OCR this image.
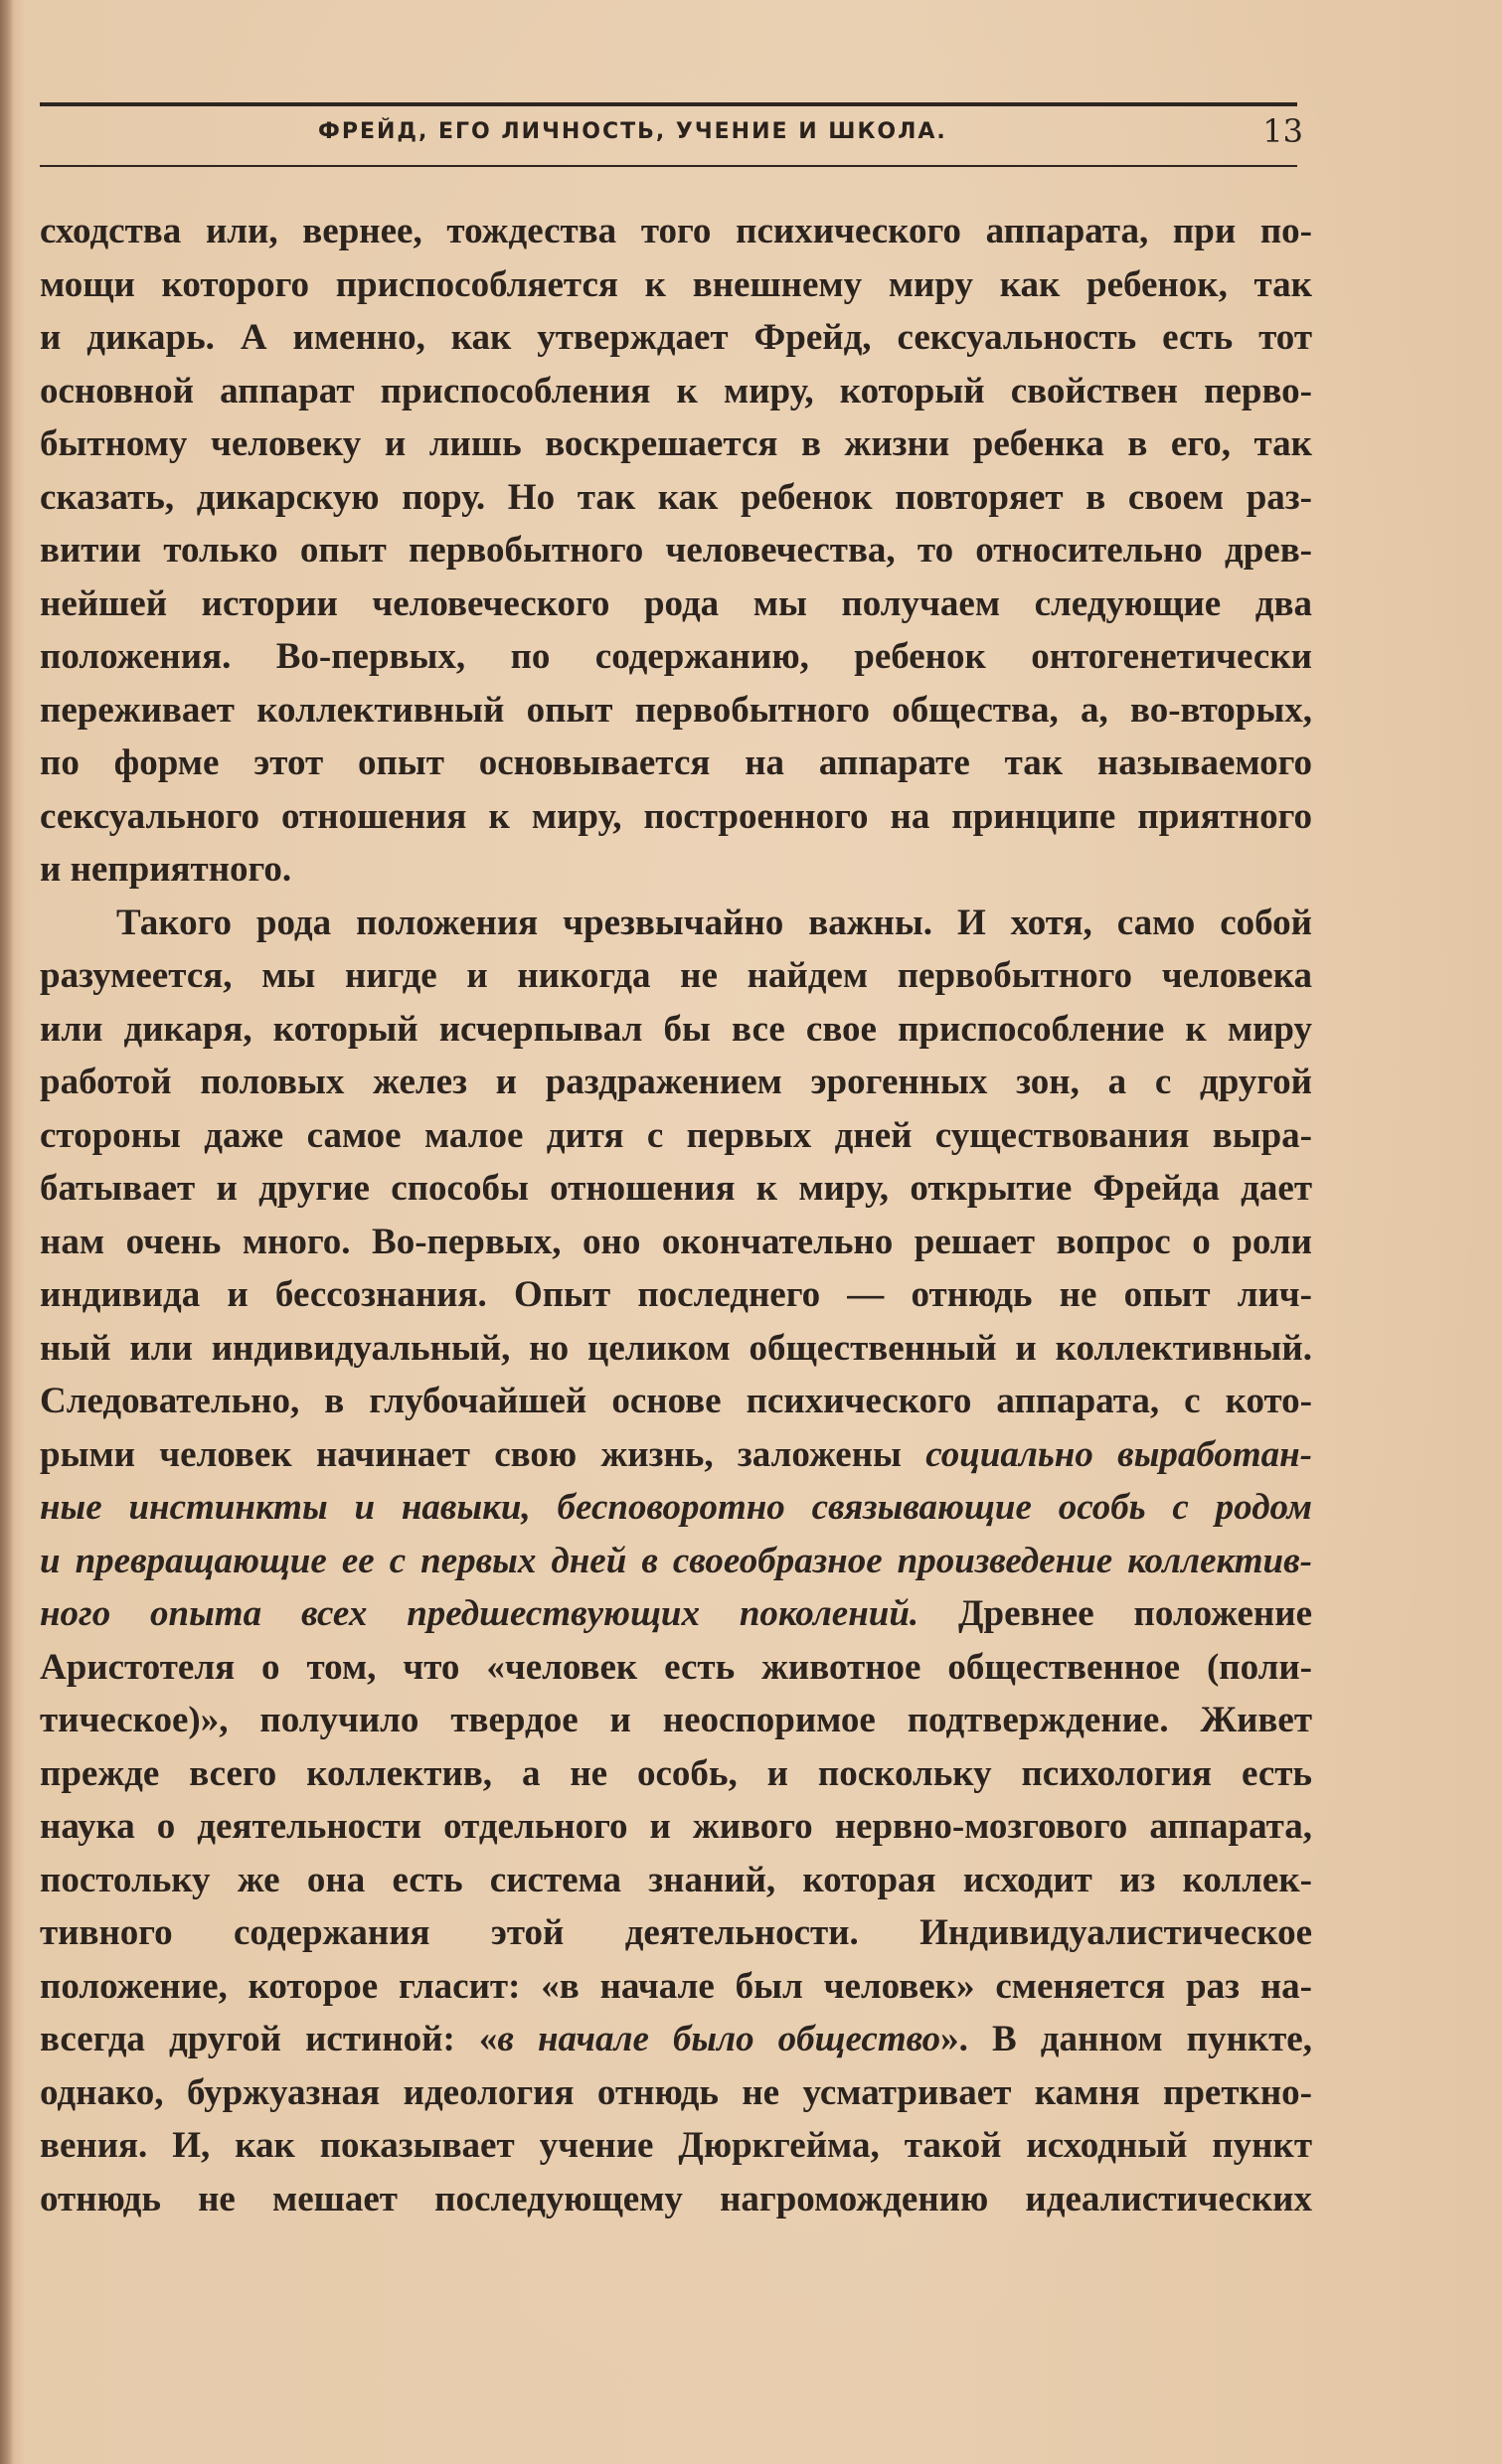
ФРЕЙД, ЕГО ЛИЧНОСТЬ, УЧЕНИЕ И ШКОЛА.	13
сходства или, вернее, тождества того психического аппарата, при по-
мощи которого приспособляется к внешнему миру как ребенок, так
и дикарь. А именно, как утверждает Фрейд, сексуальность есть тот
основной аппарат приспособления к миру, который свойствен перво-
бытному человеку и лишь воскрешается в жизни ребенка в его, так
сказать, дикарскую пору. Но так как ребенок повторяет в своем раз-
витии только опыт первобытного человечества, то относительно древ-
нейшей истории человеческого рода мы получаем следующие два
положения. Во-первых, по содержанию, ребенок онтогенетически
переживает коллективный опыт первобытного общества, а, во-вторых,
по форме этот опыт основывается на аппарате так называемого
сексуального отношения к миру, построенного на принципе приятного
и неприятного.
Такого рода положения чрезвычайно важны. И хотя, само собой
разумеется, мы нигде и никогда не найдем первобытного человека
или дикаря, который исчерпывал бы все свое приспособление к миру
работой половых желез и раздражением эрогенных зон, а с другой
стороны даже самое малое дитя с первых дней существования выра-
батывает и другие способы отношения к миру, открытие Фрейда дает
нам очень много. Во-первых, оно окончательно решает вопрос о роли
индивида и бессознания. Опыт последнего — отнюдь не опыт лич-
ный или индивидуальный, но целиком общественный и коллективный.
Следовательно, в глубочайшей основе психического аппарата, с кото-
рыми человек начинает свою жизнь, заложены социально выработан-
ные инстинкты и навыки, бесповоротно связывающие особь с родом
и превращающие ее с первых дней в своеобразное произведение коллектив-
ного опыта всех предшествующих поколений. Древнее положение
Аристотеля о том, что «человек есть животное общественное (поли-
тическое)», получило твердое и неоспоримое подтверждение. Живет
прежде всего коллектив, а не особь, и поскольку психология есть
наука о деятельности отдельного и живого нервно-мозгового аппарата,
постольку же она есть система знаний, которая исходит из коллек-
тивного содержания этой деятельности. Индивидуалистическое
положение, которое гласит: «в начале был человек» сменяется раз на-
всегда другой истиной: «в начале было общество». В данном пункте,
однако, буржуазная идеология отнюдь не усматривает камня преткно-
вения. И, как показывает учение Дюркгейма, такой исходный пункт
отнюдь не мешает последующему нагромождению идеалистических
